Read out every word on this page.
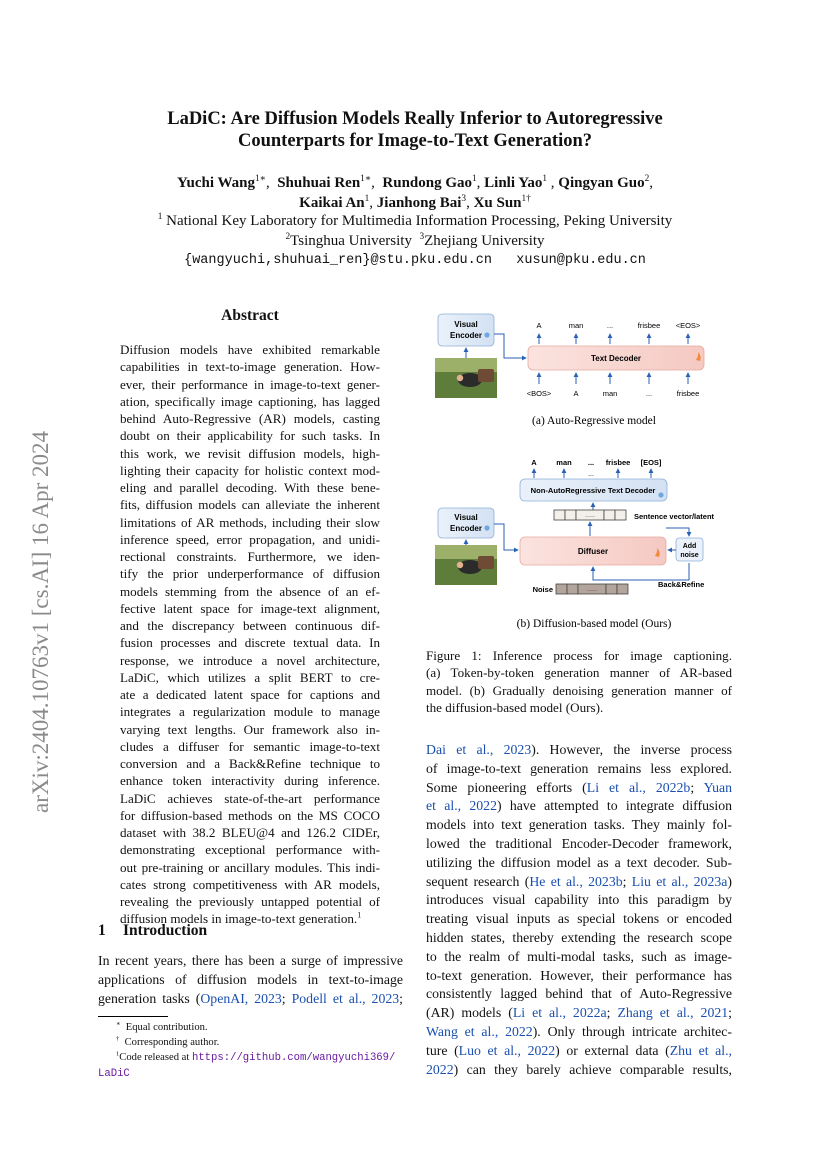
arXiv:2404.10763v1 [cs.AI] 16 Apr 2024
LaDiC: Are Diffusion Models Really Inferior to Autoregressive
Counterparts for Image-to-Text Generation?
Yuchi Wang$^{1∗}$,  Shuhuai Ren$^{1∗}$,  Rundong Gao$^1$, Linli Yao$^1$ , Qingyan Guo$^2$,
Kaikai An$^1$, Jianhong Bai$^3$, Xu Sun$^{1\dagger}$
$^1$ National Key Laboratory for Multimedia Information Processing, Peking University
$^2$Tsinghua University $^3$Zhejiang University
{wangyuchi,shuhuai_ren}@stu.pku.edu.cn   xusun@pku.edu.cn
Abstract
Diffusion models have exhibited remarkable
capabilities in text-to-image generation. How-
ever, their performance in image-to-text gener-
ation, specifically image captioning, has lagged
behind Auto-Regressive (AR) models, casting
doubt on their applicability for such tasks. In
this work, we revisit diffusion models, high-
lighting their capacity for holistic context mod-
eling and parallel decoding. With these bene-
fits, diffusion models can alleviate the inherent
limitations of AR methods, including their slow
inference speed, error propagation, and unidi-
rectional constraints. Furthermore, we iden-
tify the prior underperformance of diffusion
models stemming from the absence of an ef-
fective latent space for image-text alignment,
and the discrepancy between continuous dif-
fusion processes and discrete textual data. In
response, we introduce a novel architecture,
LaDiC, which utilizes a split BERT to cre-
ate a dedicated latent space for captions and
integrates a regularization module to manage
varying text lengths. Our framework also in-
cludes a diffuser for semantic image-to-text
conversion and a Back&Refine technique to
enhance token interactivity during inference.
LaDiC achieves state-of-the-art performance
for diffusion-based methods on the MS COCO
dataset with 38.2 BLEU@4 and 126.2 CIDEr,
demonstrating exceptional performance with-
out pre-training or ancillary modules. This indi-
cates strong competitiveness with AR models,
revealing the previously untapped potential of
diffusion models in image-to-text generation.$^1$
1 Introduction
In recent years, there has been a surge of impressive
applications of diffusion models in text-to-image
generation tasks (OpenAI, 2023; Podell et al., 2023;
∗ Equal contribution.
† Corresponding author.
$^1$Code released at https://github.com/wangyuchi369/
LaDiC
Visual
Encoder
Text Decoder
A	man	...	frisbee <EOS>
<BOS>	A	man	...	frisbee
(a) Auto-Regressive model
A	man ... frisbee [EOS]
...
Non-AutoRegressive Text Decoder
Visual
Encoder
·····	Sentence vector/latent
Diffuser
Add
noise
Back&Refine
Noise	·····
(b) Diffusion-based model (Ours)
Figure 1: Inference process for image captioning.
(a) Token-by-token generation manner of AR-based
model. (b) Gradually denoising generation manner of
the diffusion-based model (Ours).
Dai et al., 2023). However, the inverse process
of image-to-text generation remains less explored.
Some pioneering efforts (Li et al., 2022b; Yuan
et al., 2022) have attempted to integrate diffusion
models into text generation tasks. They mainly fol-
lowed the traditional Encoder-Decoder framework,
utilizing the diffusion model as a text decoder. Sub-
sequent research (He et al., 2023b; Liu et al., 2023a)
introduces visual capability into this paradigm by
treating visual inputs as special tokens or encoded
hidden states, thereby extending the research scope
to the realm of multi-modal tasks, such as image-
to-text generation. However, their performance has
consistently lagged behind that of Auto-Regressive
(AR) models (Li et al., 2022a; Zhang et al., 2021;
Wang et al., 2022). Only through intricate architec-
ture (Luo et al., 2022) or external data (Zhu et al.,
2022) can they barely achieve comparable results,
